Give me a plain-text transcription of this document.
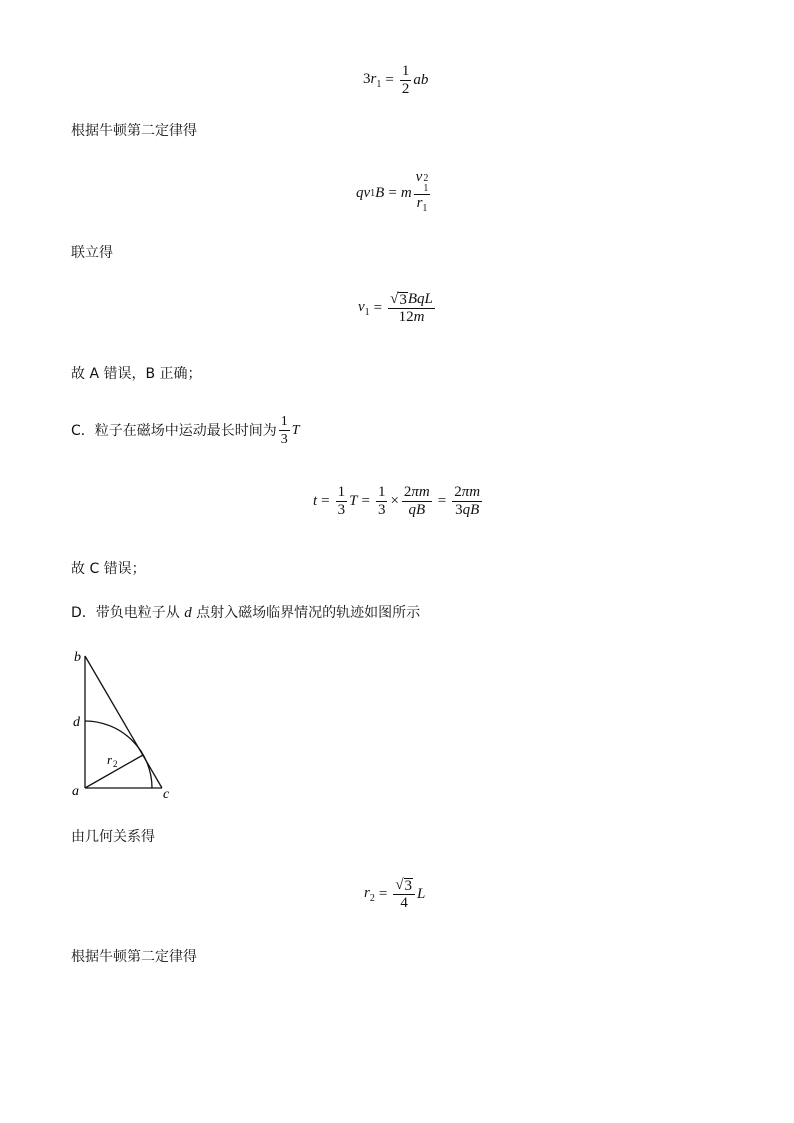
$3r_1 = \frac{1}{2}$ ab
根据牛顿第二定律得
qv 1 B = m v 2
1
$r_1$
联立得
$v_1 = \frac{\text{√ 3 BqL}}{12m}$
故 A 错误，B 正确；
C．粒子在磁场中运动最长时间为 $\frac{1}{3}$ T
$t = \frac{1}{3}$ $T = \frac{1}{3} \times \frac{2\pi m}{qB} = \frac{2\pi m}{3qB}$
故 C 错误；
D．带负电粒子从 d 点射入磁场临界情况的轨迹如图所示
b
d
a	c
r 2
由几何关系得
$r_2 = \frac{√ 3}{4}$ L
根据牛顿第二定律得
